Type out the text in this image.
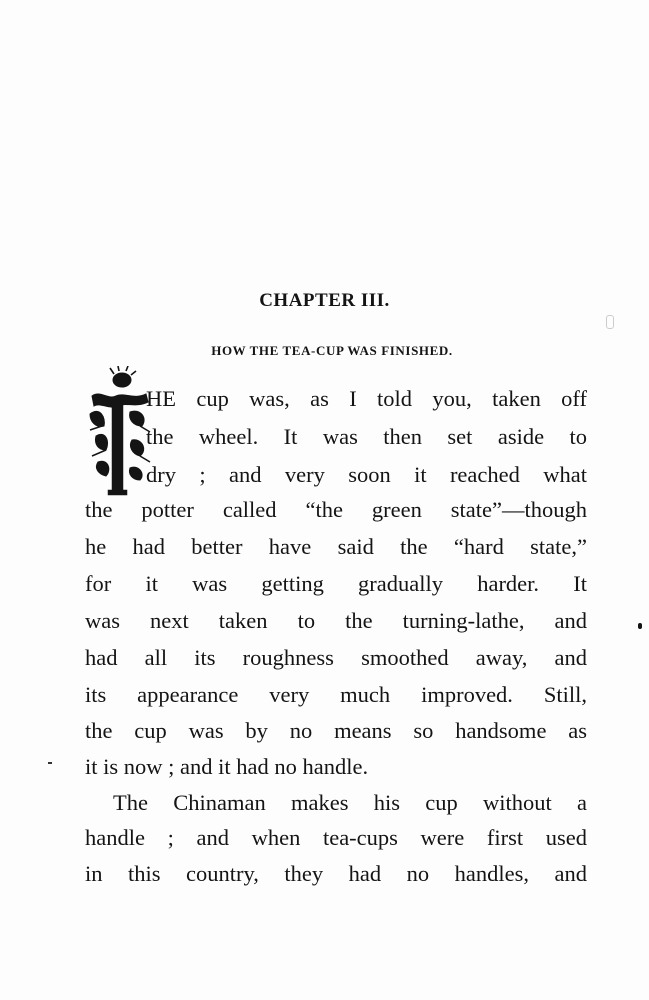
CHAPTER III.
HOW THE TEA-CUP WAS FINISHED.
HE cup was, as I told you, taken off
the wheel. It was then set aside to
dry ; and very soon it reached what
the potter called “the green state”—though
he had better have said the “hard state,”
for it was getting gradually harder. It
was next taken to the turning-lathe, and
had all its roughness smoothed away, and
its appearance very much improved. Still,
the cup was by no means so handsome as
it is now ; and it had no handle.
The Chinaman makes his cup without a
handle ; and when tea-cups were first used
in this country, they had no handles, and
